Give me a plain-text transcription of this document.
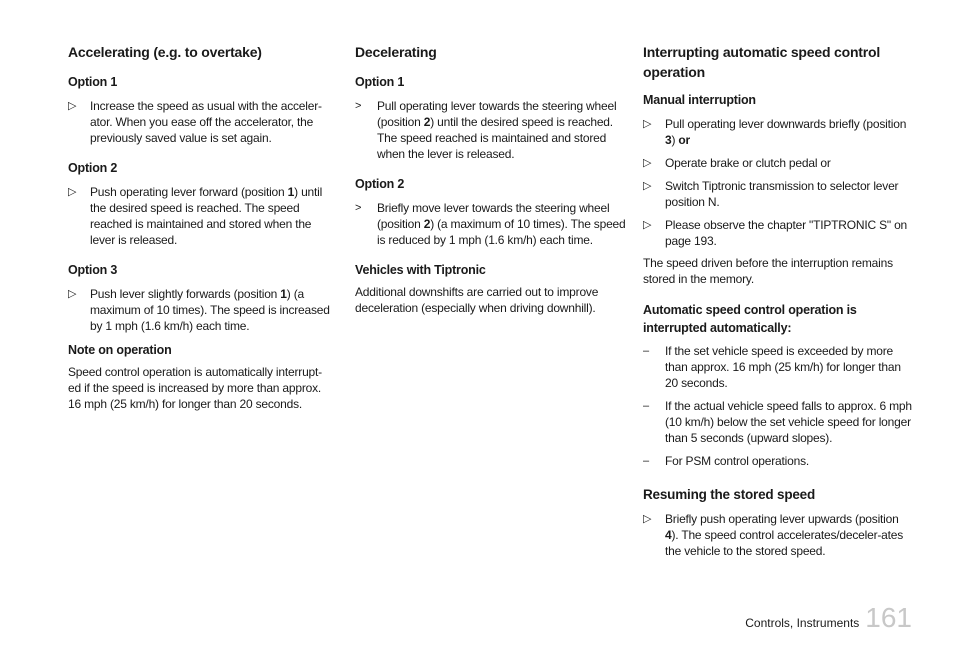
Accelerating (e.g. to overtake)
Option 1
▷	Increase the speed as usual with the acceler-ator. When you ease off the accelerator, the previously saved value is set again.
Option 2
▷	Push operating lever forward (position 1) until the desired speed is reached. The speed reached is maintained and stored when the lever is released.
Option 3
▷	Push lever slightly forwards (position 1) (a maximum of 10 times). The speed is increased by 1 mph (1.6 km/h) each time.
Note on operation
Speed control operation is automatically interrupt-ed if the speed is increased by more than approx. 16 mph (25 km/h) for longer than 20 seconds.
Decelerating
Option 1
>	Pull operating lever towards the steering wheel (position 2) until the desired speed is reached. The speed reached is maintained and stored when the lever is released.
Option 2
>	Briefly move lever towards the steering wheel (position 2) (a maximum of 10 times). The speed is reduced by 1 mph (1.6 km/h) each time.
Vehicles with Tiptronic
Additional downshifts are carried out to improve deceleration (especially when driving downhill).
Interrupting automatic speed control operation
Manual interruption
▷	Pull operating lever downwards briefly (position 3) or
▷	Operate brake or clutch pedal or
▷	Switch Tiptronic transmission to selector lever position N.
▷	Please observe the chapter "TIPTRONIC S" on page 193.
The speed driven before the interruption remains stored in the memory.
Automatic speed control operation is interrupted automatically:
–	If the set vehicle speed is exceeded by more than approx. 16 mph (25 km/h) for longer than 20 seconds.
–	If the actual vehicle speed falls to approx. 6 mph (10 km/h) below the set vehicle speed for longer than 5 seconds (upward slopes).
–	For PSM control operations.
Resuming the stored speed
▷	Briefly push operating lever upwards (position 4). The speed control accelerates/deceler-ates the vehicle to the stored speed.
Controls, Instruments 161
